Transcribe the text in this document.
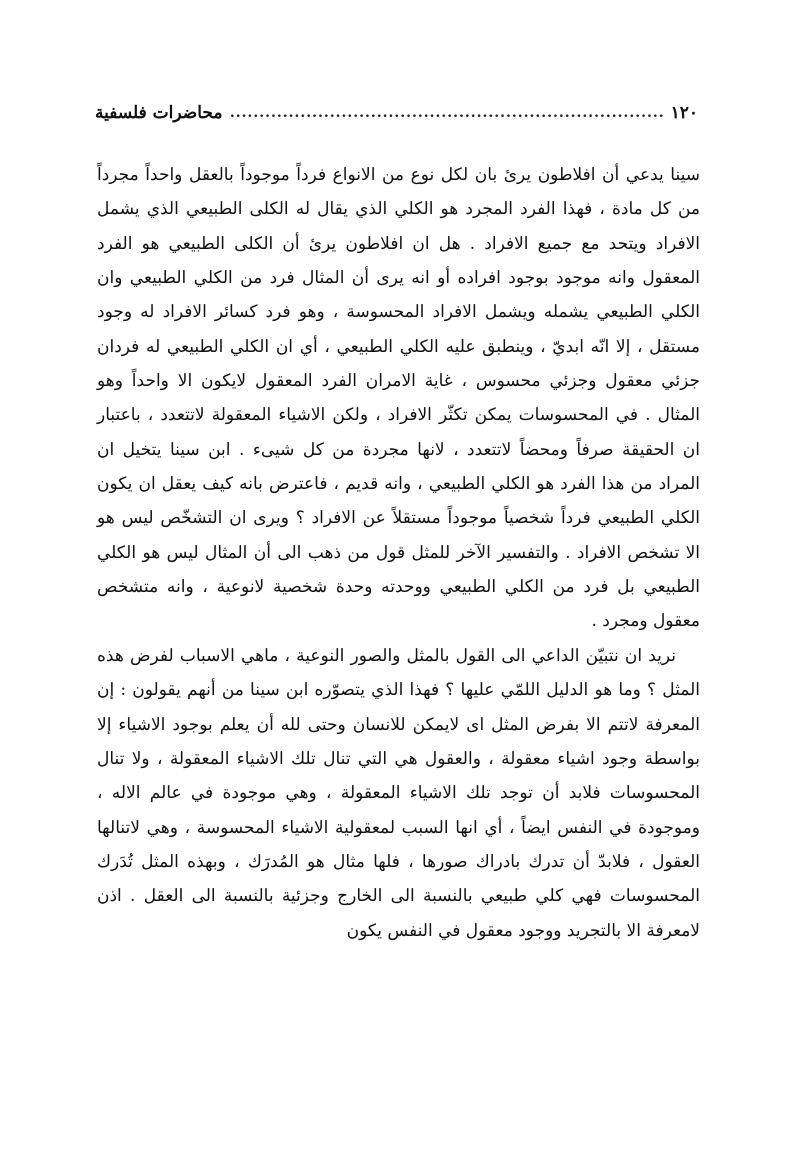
١٢٠
.....
محاضرات فلسفية

سينا يدعي أن افلاطون يرئ بان لكل نوع من الانواع فرداً موجوداً بالعقل واحداً مجرداً من كل مادة ، فهذا الفرد المجرد هو الكلي الذي يقال له الكلى الطبيعي الذي يشمل الافراد ويتحد مع جميع الافراد . هل ان افلاطون يرئ أن الكلى الطبيعي هو الفرد المعقول وانه موجود بوجود افراده أو انه يرى أن المثال فرد من الكلي الطبيعي وان الكلي الطبيعي يشمله ويشمل الافراد المحسوسة ، وهو فرد كسائر الافراد له وجود مستقل ، إلا انّه ابديّ ، وينطبق عليه الكلي الطبيعي ، أي ان الكلي الطبيعي له فردان جزئي معقول وجزئي محسوس ، غاية الامران الفرد المعقول لايكون الا واحداً وهو المثال . في المحسوسات يمكن تكثّر الافراد ، ولكن الاشياء المعقولة لاتتعدد ، باعتبار ان الحقيقة صرفاً ومحضاً لاتتعدد ، لانها مجردة من كل شيىء . ابن سينا يتخيل ان المراد من هذا الفرد هو الكلي الطبيعي ، وانه قديم ، فاعترض بانه كيف يعقل ان يكون الكلي الطبيعي فرداً شخصياً موجوداً مستقلاً عن الافراد ؟ ويرى ان التشخّص ليس هو الا تشخص الافراد . والتفسير الآخر للمثل قول من ذهب الى أن المثال ليس هو الكلي الطبيعي بل فرد من الكلي الطبيعي ووحدته وحدة شخصية لانوعية ، وانه متشخص معقول ومجرد .

نريد ان نتبيّن الداعي الى القول بالمثل والصور النوعية ، ماهي الاسباب لفرض هذه المثل ؟ وما هو الدليل اللمّي عليها ؟ فهذا الذي يتصوّره ابن سينا من أنهم يقولون : إن المعرفة لاتتم الا بفرض المثل اى لايمكن للانسان وحتى لله أن يعلم بوجود الاشياء إلا بواسطة وجود اشياء معقولة ، والعقول هي التي تنال تلك الاشياء المعقولة ، ولا تنال المحسوسات فلابد أن توجد تلك الاشياء المعقولة ، وهي موجودة في عالم الاله ، وموجودة في النفس ايضاً ، أي انها السبب لمعقولية الاشياء المحسوسة ، وهي لاتنالها العقول ، فلابدّ أن تدرك بادراك صورها ، فلها مثال هو المُدرَك ، وبهذه المثل تُدَرك المحسوسات فهي كلي طبيعي بالنسبة الى الخارج وجزئية بالنسبة الى العقل . اذن لامعرفة الا بالتجريد ووجود معقول في النفس يكون
